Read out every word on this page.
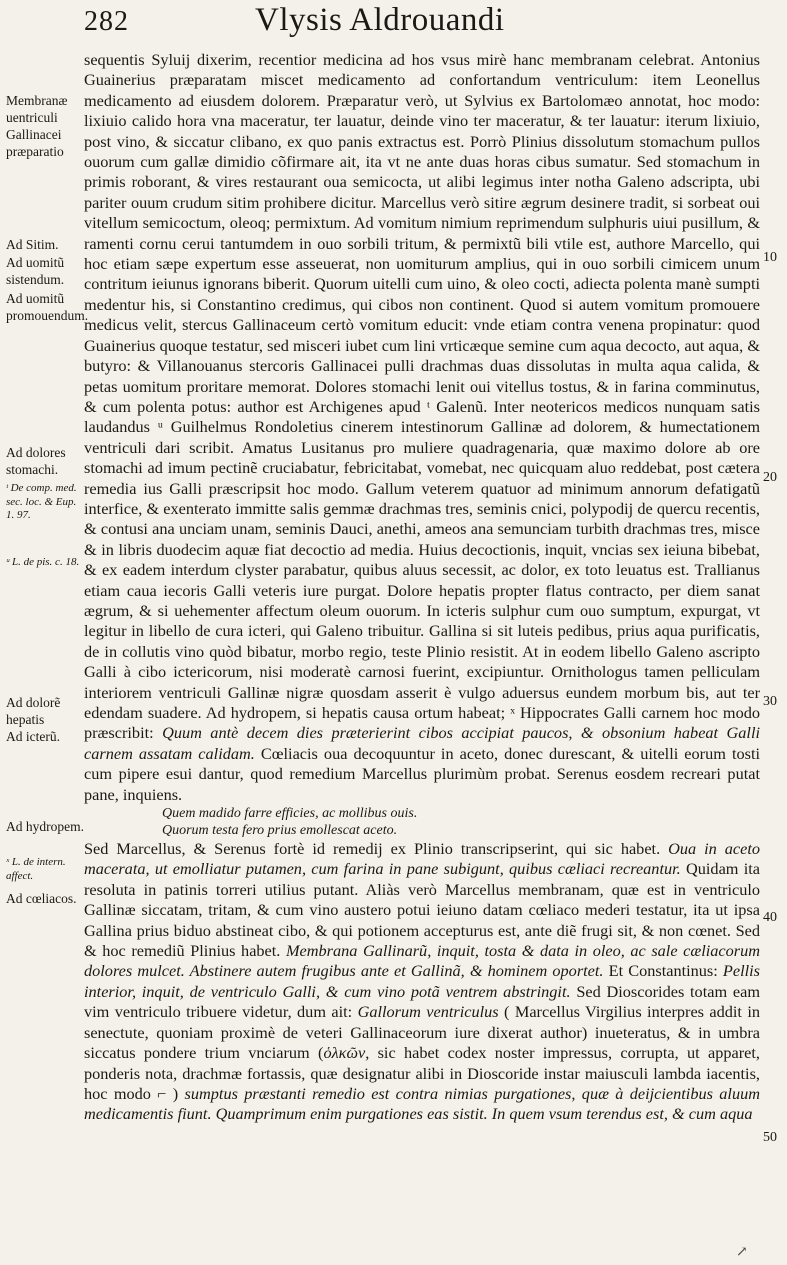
282	Vlysis Aldrouandi
Membranæ uentriculi Gallinacei præparatio
Ad Sitim.
Ad uomitũ sistendum.
Ad uomitũ promouendum.
Ad dolores stomachi.
ᵗ De comp. med. sec. loc. & Eup. 1. 97.
ᵘ L. de pis. c. 18.
Ad dolorẽ hepatis
Ad icterũ.
Ad hydropem.
ˣ L. de intern. affect.
Ad cœliacos.
10
20
30
40
50

sequentis Syluij dixerim, recentior medicina ad hos vsus mirè hanc membranam celebrat. Antonius Guainerius præparatam miscet medicamento ad confortandum ventriculum: item Leonellus medicamento ad eiusdem dolorem. Præparatur verò, ut Sylvius ex Bartolomæo annotat, hoc modo: lixiuio calido hora vna maceratur, ter lauatur, deinde vino ter maceratur, & ter lauatur: iterum lixiuio, post vino, & siccatur clibano, ex quo panis extractus est. Porrò Plinius dissolutum stomachum pullos ouorum cum gallæ dimidio cõfirmare ait, ita vt ne ante duas horas cibus sumatur. Sed stomachum in primis roborant, & vires restaurant oua semicocta, ut alibi legimus inter notha Galeno adscripta, ubi pariter ouum crudum sitim prohibere dicitur. Marcellus verò sitire ægrum desinere tradit, si sorbeat oui vitellum semicoctum, oleoq; permixtum. Ad vomitum nimium reprimendum sulphuris uiui pusillum, & ramenti cornu cerui tantumdem in ouo sorbili tritum, & permixtũ bili vtile est, authore Marcello, qui hoc etiam sæpe expertum esse asseuerat, non uomiturum amplius, qui in ouo sorbili cimicem unum contritum ieiunus ignorans biberit. Quorum uitelli cum uino, & oleo cocti, adiecta polenta manè sumpti medentur his, si Constantino credimus, qui cibos non continent. Quod si autem vomitum promouere medicus velit, stercus Gallinaceum certò vomitum educit: vnde etiam contra venena propinatur: quod Guainerius quoque testatur, sed misceri iubet cum lini vrticæque semine cum aqua decocto, aut aqua, & butyro: & Villanouanus stercoris Gallinacei pulli drachmas duas dissolutas in multa aqua calida, & petas uomitum proritare memorat. Dolores stomachi lenit oui vitellus tostus, & in farina comminutus, & cum polenta potus: author est Archigenes apud ᵗ Galenũ. Inter neotericos medicos nunquam satis laudandus ᵘ Guilhelmus Rondoletius cinerem intestinorum Gallinæ ad dolorem, & humectationem ventriculi dari scribit. Amatus Lusitanus pro muliere quadragenaria, quæ maximo dolore ab ore stomachi ad imum pectinẽ cruciabatur, febricitabat, vomebat, nec quicquam aluo reddebat, post cætera remedia ius Galli præscripsit hoc modo. Gallum veterem quatuor ad minimum annorum defatigatũ interfice, & exenterato immitte salis gemmæ drachmas tres, seminis cnici, polypodij de quercu recentis, & contusi ana unciam unam, seminis Dauci, anethi, ameos ana semunciam turbith drachmas tres, misce & in libris duodecim aquæ fiat decoctio ad media. Huius decoctionis, inquit, vncias sex ieiuna bibebat, & ex eadem interdum clyster parabatur, quibus aluus secessit, ac dolor, ex toto leuatus est. Trallianus etiam caua iecoris Galli veteris iure purgat. Dolore hepatis propter flatus contracto, per diem sanat ægrum, & si uehementer affectum oleum ouorum. In icteris sulphur cum ouo sumptum, expurgat, vt legitur in libello de cura icteri, qui Galeno tribuitur. Gallina si sit luteis pedibus, prius aqua purificatis, de in collutis vino quòd bibatur, morbo regio, teste Plinio resistit. At in eodem libello Galeno ascripto Galli à cibo ictericorum, nisi moderatè carnosi fuerint, excipiuntur. Ornithologus tamen pelliculam interiorem ventriculi Gallinæ nigræ quosdam asserit è vulgo aduersus eundem morbum bis, aut ter edendam suadere. Ad hydropem, si hepatis causa ortum habeat; ˣ Hippocrates Galli carnem hoc modo præscribit: Quum antè decem dies præterierint cibos accipiat paucos, & obsonium habeat Galli carnem assatam calidam. Cœliacis oua decoquuntur in aceto, donec durescant, & uitelli eorum tosti cum pipere esui dantur, quod remedium Marcellus plurimùm probat. Serenus eosdem recreari putat pane, inquiens.

Quem madido farre efficies, ac mollibus ouis.

Quorum testa fero prius emollescat aceto.

Sed Marcellus, & Serenus fortè id remedij ex Plinio transcripserint, qui sic habet. Oua in aceto macerata, ut emolliatur putamen, cum farina in pane subigunt, quibus cæliaci recreantur. Quidam ita resoluta in patinis torreri utilius putant. Aliàs verò Marcellus membranam, quæ est in ventriculo Gallinæ siccatam, tritam, & cum vino austero potui ieiuno datam cœliaco mederi testatur, ita ut ipsa Gallina prius biduo abstineat cibo, & qui potionem accepturus est, ante diẽ frugi sit, & non cœnet. Sed & hoc remediũ Plinius habet. Membrana Gallinarũ, inquit, tosta & data in oleo, ac sale cæliacorum dolores mulcet. Abstinere autem frugibus ante et Gallinã, & hominem oportet. Et Constantinus: Pellis interior, inquit, de ventriculo Galli, & cum vino potã ventrem abstringit. Sed Dioscorides totam eam vim ventriculo tribuere videtur, dum ait: Gallorum ventriculus ( Marcellus Virgilius interpres addit in senectute, quoniam proximè de veteri Gallinaceorum iure dixerat author) inueteratus, & in umbra siccatus pondere trium vnciarum (ὁλκῶν, sic habet codex noster impressus, corrupta, ut apparet, ponderis nota, drachmæ fortassis, quæ designatur alibi in Dioscoride instar maiusculi lambda iacentis, hoc modo ⌐ ) sumptus præstanti remedio est contra nimias purgationes, quæ à deijcientibus aluum medicamentis fiunt. Quamprimum enim purgationes eas sistit. In quem vsum terendus est, & cum aqua

↗
